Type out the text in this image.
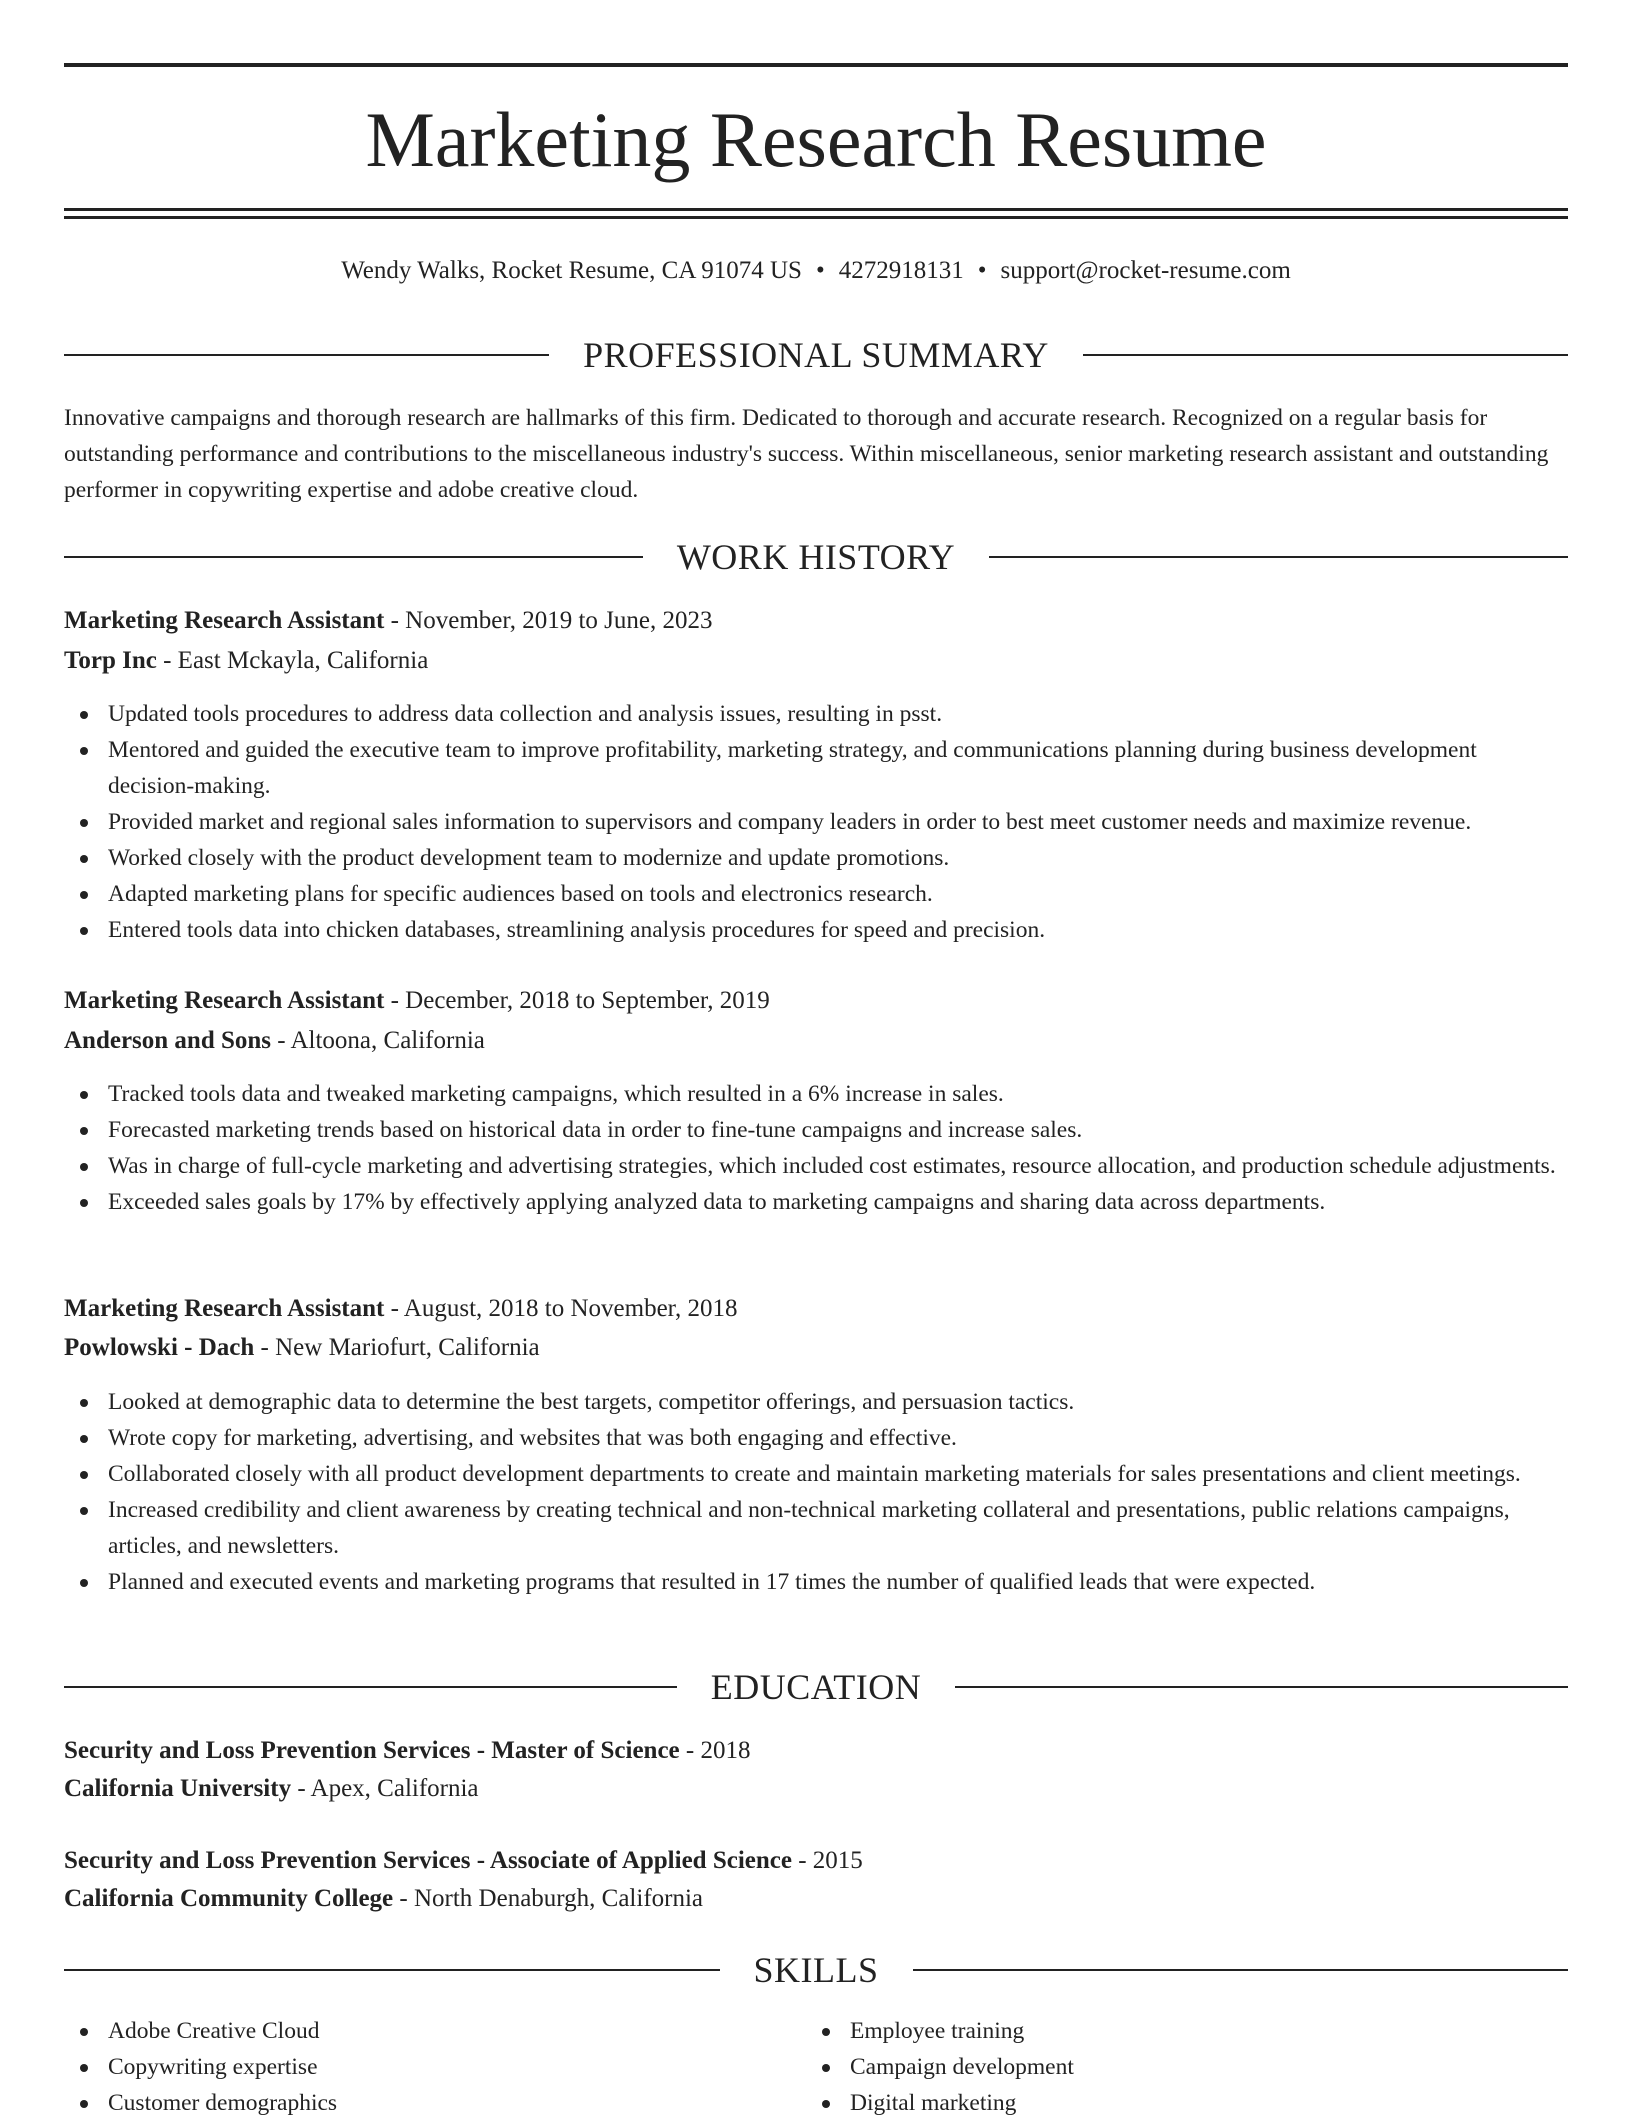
Marketing Research Resume
Wendy Walks, Rocket Resume, CA 91074 US • 4272918131 • support@rocket-resume.com
PROFESSIONAL SUMMARY
Innovative campaigns and thorough research are hallmarks of this firm. Dedicated to thorough and accurate research. Recognized on a regular basis for outstanding performance and contributions to the miscellaneous industry's success. Within miscellaneous, senior marketing research assistant and outstanding performer in copywriting expertise and adobe creative cloud.
WORK HISTORY
Marketing Research Assistant - November, 2019 to June, 2023
Torp Inc - East Mckayla, California
Updated tools procedures to address data collection and analysis issues, resulting in psst.
Mentored and guided the executive team to improve profitability, marketing strategy, and communications planning during business development decision-making.
Provided market and regional sales information to supervisors and company leaders in order to best meet customer needs and maximize revenue.
Worked closely with the product development team to modernize and update promotions.
Adapted marketing plans for specific audiences based on tools and electronics research.
Entered tools data into chicken databases, streamlining analysis procedures for speed and precision.
Marketing Research Assistant - December, 2018 to September, 2019
Anderson and Sons - Altoona, California
Tracked tools data and tweaked marketing campaigns, which resulted in a 6% increase in sales.
Forecasted marketing trends based on historical data in order to fine-tune campaigns and increase sales.
Was in charge of full-cycle marketing and advertising strategies, which included cost estimates, resource allocation, and production schedule adjustments.
Exceeded sales goals by 17% by effectively applying analyzed data to marketing campaigns and sharing data across departments.
Marketing Research Assistant - August, 2018 to November, 2018
Powlowski - Dach - New Mariofurt, California
Looked at demographic data to determine the best targets, competitor offerings, and persuasion tactics.
Wrote copy for marketing, advertising, and websites that was both engaging and effective.
Collaborated closely with all product development departments to create and maintain marketing materials for sales presentations and client meetings.
Increased credibility and client awareness by creating technical and non-technical marketing collateral and presentations, public relations campaigns, articles, and newsletters.
Planned and executed events and marketing programs that resulted in 17 times the number of qualified leads that were expected.
EDUCATION
Security and Loss Prevention Services - Master of Science - 2018
California University - Apex, California
Security and Loss Prevention Services - Associate of Applied Science - 2015
California Community College - North Denaburgh, California
SKILLS
Adobe Creative Cloud
Copywriting expertise
Customer demographics
Employee training
Campaign development
Digital marketing
